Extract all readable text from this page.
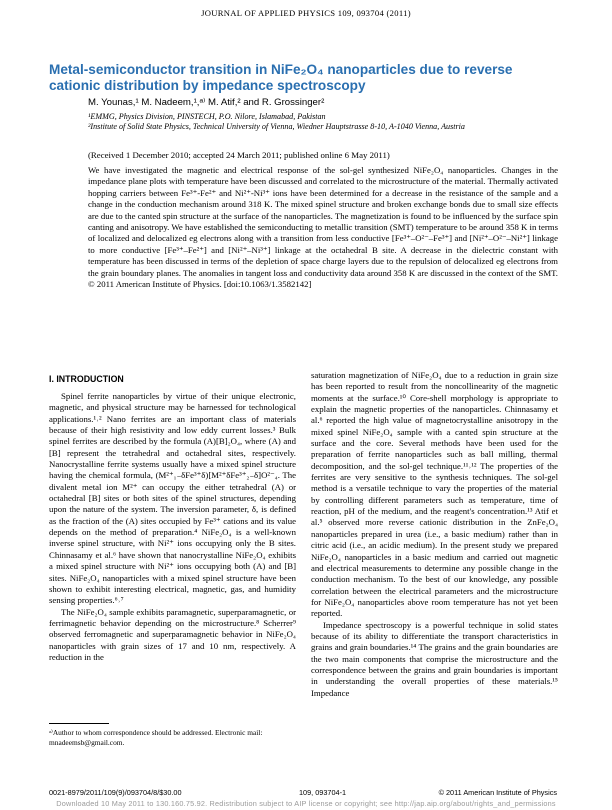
JOURNAL OF APPLIED PHYSICS 109, 093704 (2011)
Metal-semiconductor transition in NiFe₂O₄ nanoparticles due to reverse cationic distribution by impedance spectroscopy
M. Younas,¹ M. Nadeem,¹,ᵃ⁾ M. Atif,² and R. Grossinger²
¹EMMG, Physics Division, PINSTECH, P.O. Nilore, Islamabad, Pakistan
²Institute of Solid State Physics, Technical University of Vienna, Wiedner Hauptstrasse 8-10, A-1040 Vienna, Austria
(Received 1 December 2010; accepted 24 March 2011; published online 6 May 2011)
We have investigated the magnetic and electrical response of the sol-gel synthesized NiFe₂O₄ nanoparticles. Changes in the impedance plane plots with temperature have been discussed and correlated to the microstructure of the material. Thermally activated hopping carriers between Fe³⁺-Fe²⁺ and Ni²⁺-Ni³⁺ ions have been determined for a decrease in the resistance of the sample and a change in the conduction mechanism around 318 K. The mixed spinel structure and broken exchange bonds due to small size effects are due to the canted spin structure at the surface of the nanoparticles. The magnetization is found to be influenced by the surface spin canting and anisotropy. We have established the semiconducting to metallic transition (SMT) temperature to be around 358 K in terms of localized and delocalized eg electrons along with a transition from less conductive [Fe³⁺–O²⁻–Fe³⁺] and [Ni²⁺–O²⁻–Ni²⁺] linkage to more conductive [Fe³⁺–Fe²⁺] and [Ni²⁺–Ni³⁺] linkage at the octahedral B site. A decrease in the dielectric constant with temperature has been discussed in terms of the depletion of space charge layers due to the repulsion of delocalized eg electrons from the grain boundary planes. The anomalies in tangent loss and conductivity data around 358 K are discussed in the context of the SMT. © 2011 American Institute of Physics. [doi:10.1063/1.3582142]
I. INTRODUCTION

Spinel ferrite nanoparticles by virtue of their unique electronic, magnetic, and physical structure may be harnessed for technological applications.¹˒² Nano ferrites are an important class of materials because of their high resistivity and low eddy current losses.³ Bulk spinel ferrites are described by the formula (A)[B]₂O₄, where (A) and [B] represent the tetrahedral and octahedral sites, respectively. Nanocrystalline ferrite systems usually have a mixed spinel structure having the chemical formula, (M²⁺₁₋δFe³⁺δ)[M²⁺δFe³⁺₂₋δ]O²⁻₄. The divalent metal ion M²⁺ can occupy the either tetrahedral (A) or octahedral [B] sites or both sites of the spinel structures, depending upon the nature of the system. The inversion parameter, δ, is defined as the fraction of the (A) sites occupied by Fe³⁺ cations and its value depends on the method of preparation.⁴ NiFe₂O₄ is a well-known inverse spinel structure, with Ni²⁺ ions occupying only the B sites. Chinnasamy et al.⁶ have shown that nanocrystalline NiFe₂O₄ exhibits a mixed spinel structure with Ni²⁺ ions occupying both (A) and [B] sites. NiFe₂O₄ nanoparticles with a mixed spinel structure have been shown to exhibit interesting electrical, magnetic, gas, and humidity sensing properties.⁶˒⁷

The NiFe₂O₄ sample exhibits paramagnetic, superparamagnetic, or ferrimagnetic behavior depending on the microstructure.⁸ Scherrer⁹ observed ferromagnetic and superparamagnetic behavior in NiFe₂O₄ nanoparticles with grain sizes of 17 and 10 nm, respectively. A reduction in the

saturation magnetization of NiFe₂O₄ due to a reduction in grain size has been reported to result from the noncollinearity of the magnetic moments at the surface.¹⁰ Core-shell morphology is appropriate to explain the magnetic properties of the nanoparticles. Chinnasamy et al.⁶ reported the high value of magnetocrystalline anisotropy in the mixed spinel NiFe₂O₄ sample with a canted spin structure at the surface and the core. Several methods have been used for the preparation of ferrite nanoparticles such as ball milling, thermal decomposition, and the sol-gel technique.¹¹˒¹² The properties of the ferrites are very sensitive to the synthesis techniques. The sol-gel method is a versatile technique to vary the properties of the material by controlling different parameters such as temperature, time of reaction, pH of the medium, and the reagent's concentration.¹³ Atif et al.⁵ observed more reverse cationic distribution in the ZnFe₂O₄ nanoparticles prepared in urea (i.e., a basic medium) rather than in citric acid (i.e., an acidic medium). In the present study we prepared NiFe₂O₄ nanoparticles in a basic medium and carried out magnetic and electrical measurements to determine any possible change in the conduction mechanism. To the best of our knowledge, any possible correlation between the electrical parameters and the microstructure for NiFe₂O₄ nanoparticles above room temperature has not yet been reported.

Impedance spectroscopy is a powerful technique in solid states because of its ability to differentiate the transport characteristics in grains and grain boundaries.¹⁴ The grains and the grain boundaries are the two main components that comprise the microstructure and the correspondence between the grains and grain boundaries is important in understanding the overall properties of these materials.¹⁵ Impedance

ᵃ⁾Author to whom correspondence should be addressed. Electronic mail: mnadeemsb@gmail.com.
0021-8979/2011/109(9)/093704/8/$30.00	109, 093704-1	© 2011 American Institute of Physics
Downloaded 10 May 2011 to 130.160.75.92. Redistribution subject to AIP license or copyright; see http://jap.aip.org/about/rights_and_permissions
